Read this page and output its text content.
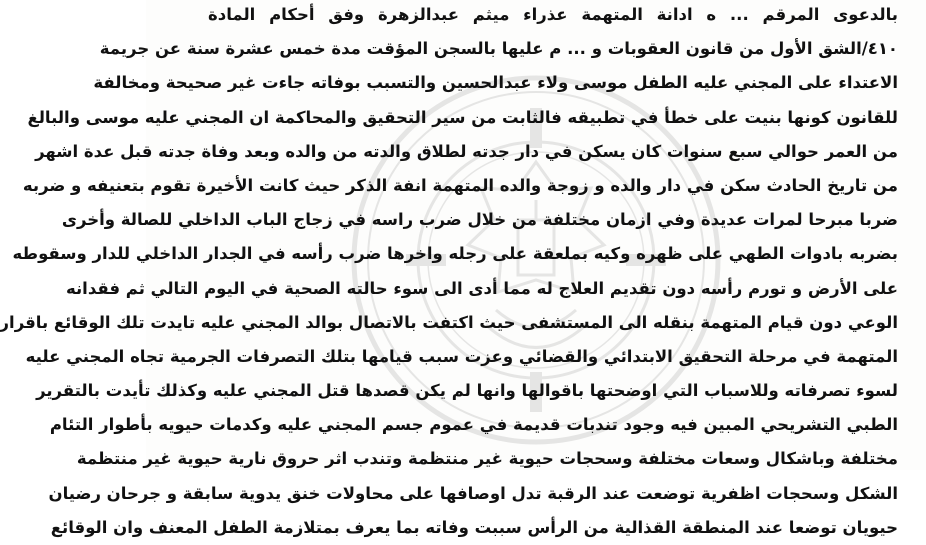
بالدعوى المرقم ... ه ادانة المتهمة عذراء ميثم عبدالزهرة وفق أحكام المادة
٤١٠/الشق الأول من قانون العقوبات و ... م عليها بالسجن المؤقت مدة خمس عشرة سنة عن جريمة
الاعتداء على المجني عليه الطفل موسى ولاء عبدالحسين والتسبب بوفاته جاءت غير صحيحة ومخالفة
للقانون كونها بنيت على خطأ في تطبيقه فالثابت من سير التحقيق والمحاكمة ان المجني عليه موسى والبالغ
من العمر حوالي سبع سنوات كان يسكن في دار جدته لطلاق والدته من والده وبعد وفاة جدته قبل عدة اشهر
من تاريخ الحادث سكن في دار والده و زوجة والده المتهمة انفة الذكر حيث كانت الأخيرة تقوم بتعنيفه و ضربه
ضربا مبرحا لمرات عديدة وفي ازمان مختلفة من خلال ضرب راسه في زجاج الباب الداخلي للصالة وأخرى
بضربه بادوات الطهي على ظهره وكيه بملعقة على رجله واخرها ضرب رأسه في الجدار الداخلي للدار وسقوطه
على الأرض و تورم رأسه دون تقديم العلاج له مما أدى الى سوء حالته الصحية في اليوم التالي ثم فقدانه
الوعي دون قيام المتهمة بنقله الى المستشفى حيث اكتفت بالاتصال بوالد المجني عليه تايدت تلك الوقائع باقرار
المتهمة في مرحلة التحقيق الابتدائي والقضائي وعزت سبب قيامها بتلك التصرفات الجرمية تجاه المجني عليه
لسوء تصرفاته وللاسباب التي اوضحتها باقوالها وانها لم يكن قصدها قتل المجني عليه وكذلك تأيدت بالتقرير
الطبي التشريحي المبين فيه وجود تندبات قديمة في عموم جسم المجني عليه وكدمات حيويه بأطوار التئام
مختلفة وباشكال وسعات مختلفة وسحجات حيوية غير منتظمة وتندب اثر حروق نارية حيوية غير منتظمة
الشكل وسحجات اظفرية توضعت عند الرقبة تدل اوصافها على محاولات خنق يدوية سابقة و جرحان رضيان
حيويان توضعا عند المنطقة القذالية من الرأس سببت وفاته بما يعرف بمتلازمة الطفل المعنف وان الوقائع
